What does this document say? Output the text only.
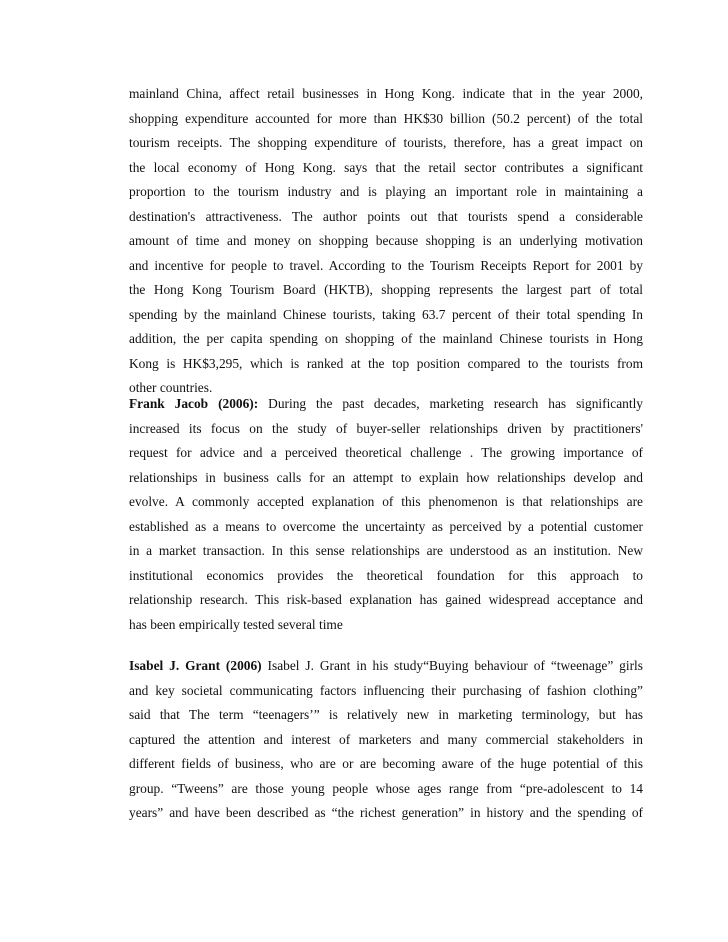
mainland China, affect retail businesses in Hong Kong. indicate that in the year 2000,
shopping expenditure accounted for more than HK$30 billion (50.2 percent) of the total
tourism receipts. The shopping expenditure of tourists, therefore, has a great impact on
the local economy of Hong Kong. says that the retail sector contributes a significant
proportion to the tourism industry and is playing an important role in maintaining a
destination's attractiveness. The author points out that tourists spend a considerable
amount of time and money on shopping because shopping is an underlying motivation
and incentive for people to travel. According to the Tourism Receipts Report for 2001 by
the Hong Kong Tourism Board (HKTB), shopping represents the largest part of total
spending by the mainland Chinese tourists, taking 63.7 percent of their total spending In
addition, the per capita spending on shopping of the mainland Chinese tourists in Hong
Kong is HK$3,295, which is ranked at the top position compared to the tourists from
other countries.
Frank Jacob (2006): During the past decades, marketing research has significantly
increased its focus on the study of buyer-seller relationships driven by practitioners'
request for advice and a perceived theoretical challenge . The growing importance of
relationships in business calls for an attempt to explain how relationships develop and
evolve. A commonly accepted explanation of this phenomenon is that relationships are
established as a means to overcome the uncertainty as perceived by a potential customer
in a market transaction. In this sense relationships are understood as an institution. New
institutional economics provides the theoretical foundation for this approach to
relationship research. This risk-based explanation has gained widespread acceptance and
has been empirically tested several time
Isabel J. Grant (2006) Isabel J. Grant in his study“Buying behaviour of “tweenage” girls
and key societal communicating factors influencing their purchasing of fashion clothing”
said that The term “teenagers’” is relatively new in marketing terminology, but has
captured the attention and interest of marketers and many commercial stakeholders in
different fields of business, who are or are becoming aware of the huge potential of this
group. “Tweens” are those young people whose ages range from “pre-adolescent to 14
years” and have been described as “the richest generation” in history and the spending of
